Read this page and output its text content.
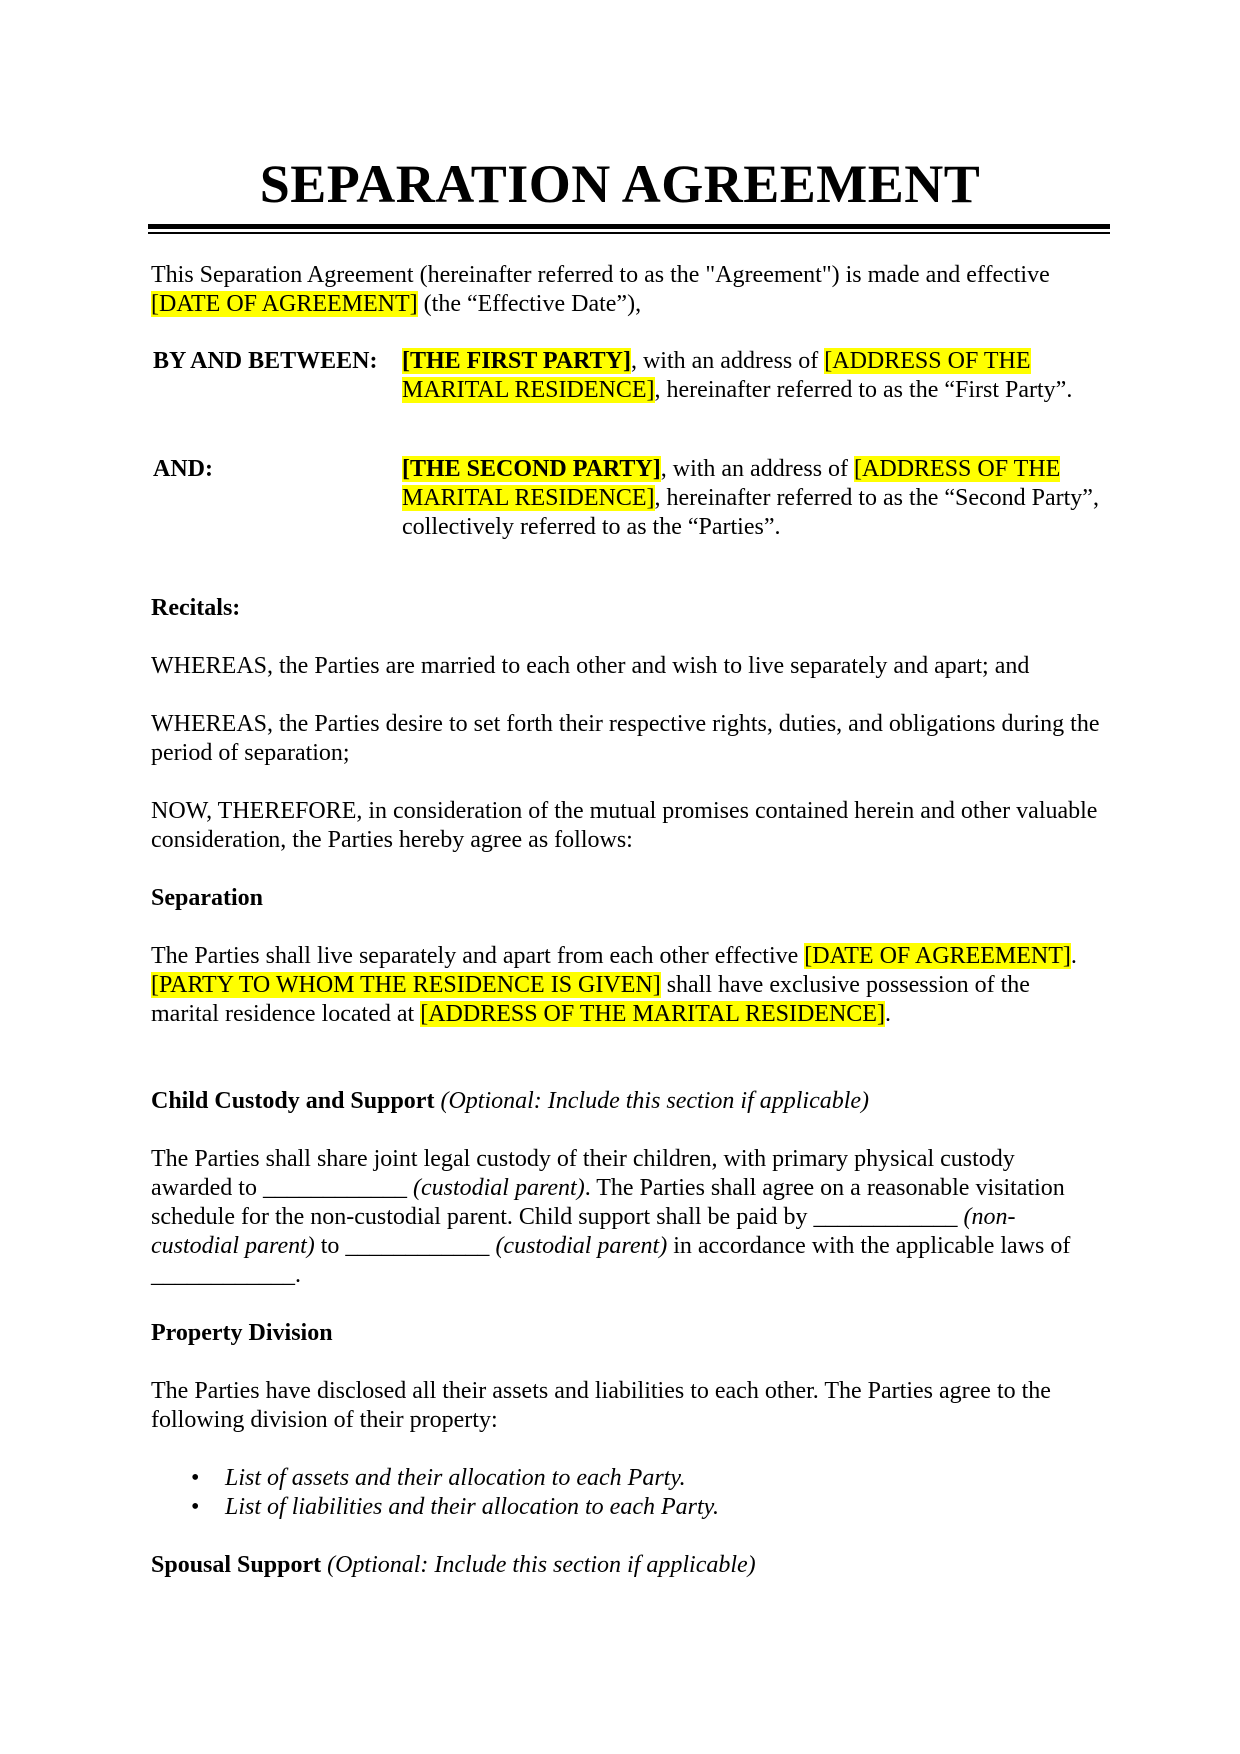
SEPARATION AGREEMENT

This Separation Agreement (hereinafter referred to as the "Agreement") is made and effective [DATE OF AGREEMENT] (the “Effective Date”),

BY AND BETWEEN:	[THE FIRST PARTY], with an address of [ADDRESS OF THE MARITAL RESIDENCE], hereinafter referred to as the “First Party”.

AND:	[THE SECOND PARTY], with an address of [ADDRESS OF THE MARITAL RESIDENCE], hereinafter referred to as the “Second Party”, collectively referred to as the “Parties”.

Recitals:

WHEREAS, the Parties are married to each other and wish to live separately and apart; and

WHEREAS, the Parties desire to set forth their respective rights, duties, and obligations during the period of separation;

NOW, THEREFORE, in consideration of the mutual promises contained herein and other valuable consideration, the Parties hereby agree as follows:

Separation

The Parties shall live separately and apart from each other effective [DATE OF AGREEMENT]. [PARTY TO WHOM THE RESIDENCE IS GIVEN] shall have exclusive possession of the marital residence located at [ADDRESS OF THE MARITAL RESIDENCE].

Child Custody and Support (Optional: Include this section if applicable)

The Parties shall share joint legal custody of their children, with primary physical custody awarded to ____________ (custodial parent). The Parties shall agree on a reasonable visitation schedule for the non-custodial parent. Child support shall be paid by ____________ (non-custodial parent) to ____________ (custodial parent) in accordance with the applicable laws of ____________.

Property Division

The Parties have disclosed all their assets and liabilities to each other. The Parties agree to the following division of their property:

• List of assets and their allocation to each Party.
• List of liabilities and their allocation to each Party.

Spousal Support (Optional: Include this section if applicable)
